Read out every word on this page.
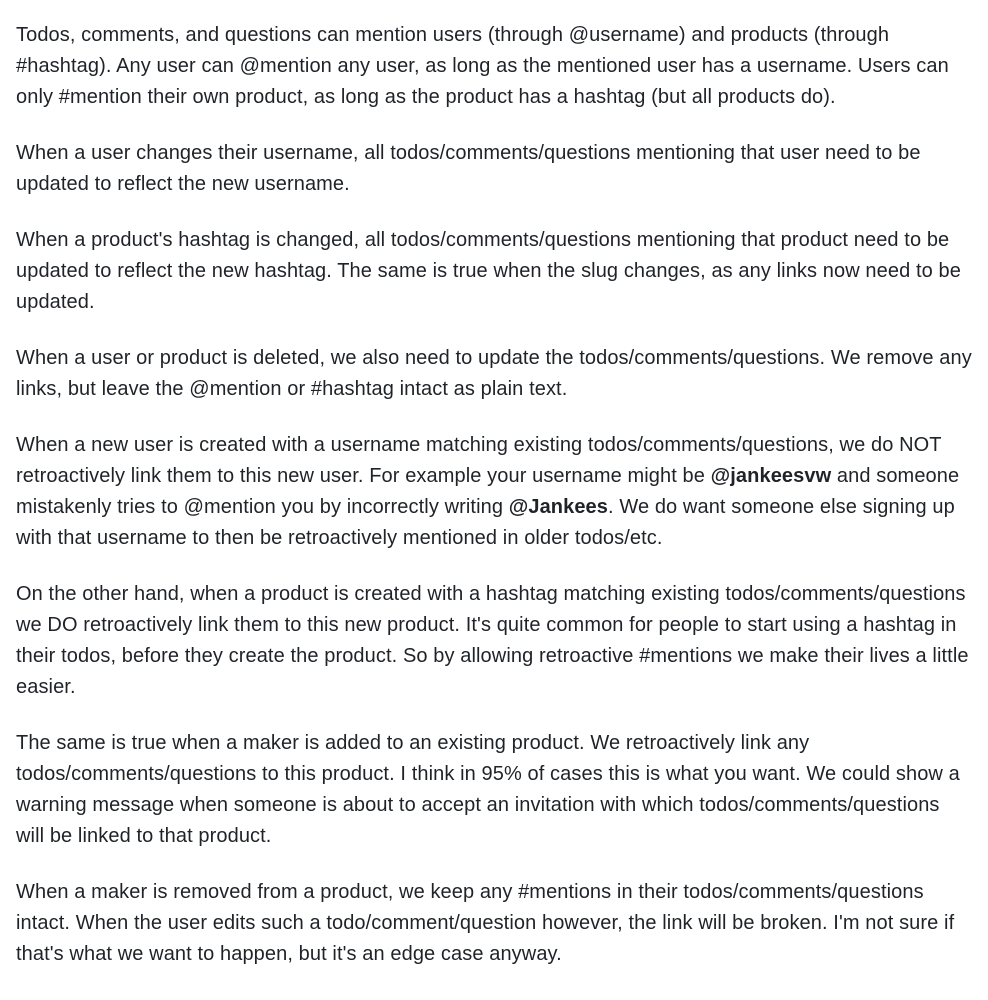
Todos, comments, and questions can mention users (through @username) and products (through #hashtag). Any user can @mention any user, as long as the mentioned user has a username. Users can only #mention their own product, as long as the product has a hashtag (but all products do).

When a user changes their username, all todos/comments/questions mentioning that user need to be updated to reflect the new username.

When a product's hashtag is changed, all todos/comments/questions mentioning that product need to be updated to reflect the new hashtag. The same is true when the slug changes, as any links now need to be updated.

When a user or product is deleted, we also need to update the todos/comments/questions. We remove any links, but leave the @mention or #hashtag intact as plain text.

When a new user is created with a username matching existing todos/comments/questions, we do NOT retroactively link them to this new user. For example your username might be @jankeesvw and someone mistakenly tries to @mention you by incorrectly writing @Jankees. We do want someone else signing up with that username to then be retroactively mentioned in older todos/etc.

On the other hand, when a product is created with a hashtag matching existing todos/comments/questions we DO retroactively link them to this new product. It's quite common for people to start using a hashtag in their todos, before they create the product. So by allowing retroactive #mentions we make their lives a little easier.

The same is true when a maker is added to an existing product. We retroactively link any todos/comments/questions to this product. I think in 95% of cases this is what you want. We could show a warning message when someone is about to accept an invitation with which todos/comments/questions will be linked to that product.

When a maker is removed from a product, we keep any #mentions in their todos/comments/questions intact. When the user edits such a todo/comment/question however, the link will be broken. I'm not sure if that's what we want to happen, but it's an edge case anyway.
